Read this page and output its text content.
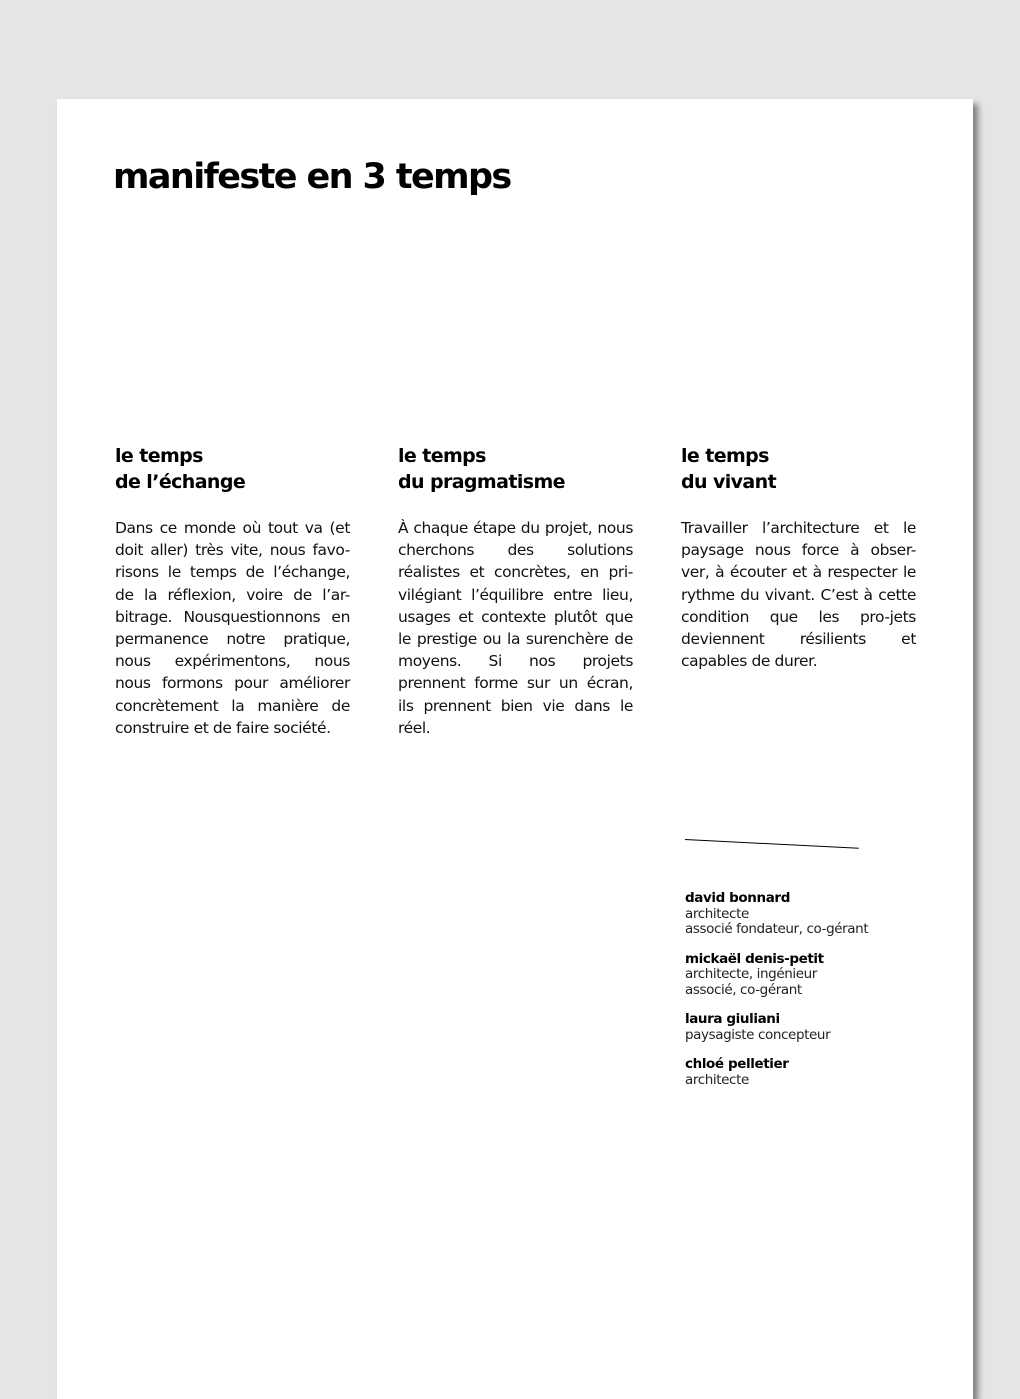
manifeste en 3 temps
le temps
de l’échange

Dans ce monde où tout va (et doit aller) très vite, nous favo-risons le temps de l’échange, de la réflexion, voire de l’ar-bitrage. Nousquestionnons en permanence notre pratique, nous expérimentons, nous nous formons pour améliorer concrètement la manière de construire et de faire société.

le temps
du pragmatisme

À chaque étape du projet, nous cherchons des solutions réalistes et concrètes, en pri-vilégiant l’équilibre entre lieu, usages et contexte plutôt que le prestige ou la surenchère de moyens. Si nos projets prennent forme sur un écran, ils prennent bien vie dans le réel.

le temps
du vivant

Travailler l’architecture et le paysage nous force à obser-ver, à écouter et à respecter le rythme du vivant. C’est à cette condition que les pro-jets deviennent résilients et capables de durer.

david bonnard
architecte
associé fondateur, co-gérant
mickaël denis-petit
architecte, ingénieur
associé, co-gérant
laura giuliani
paysagiste concepteur
chloé pelletier
architecte
